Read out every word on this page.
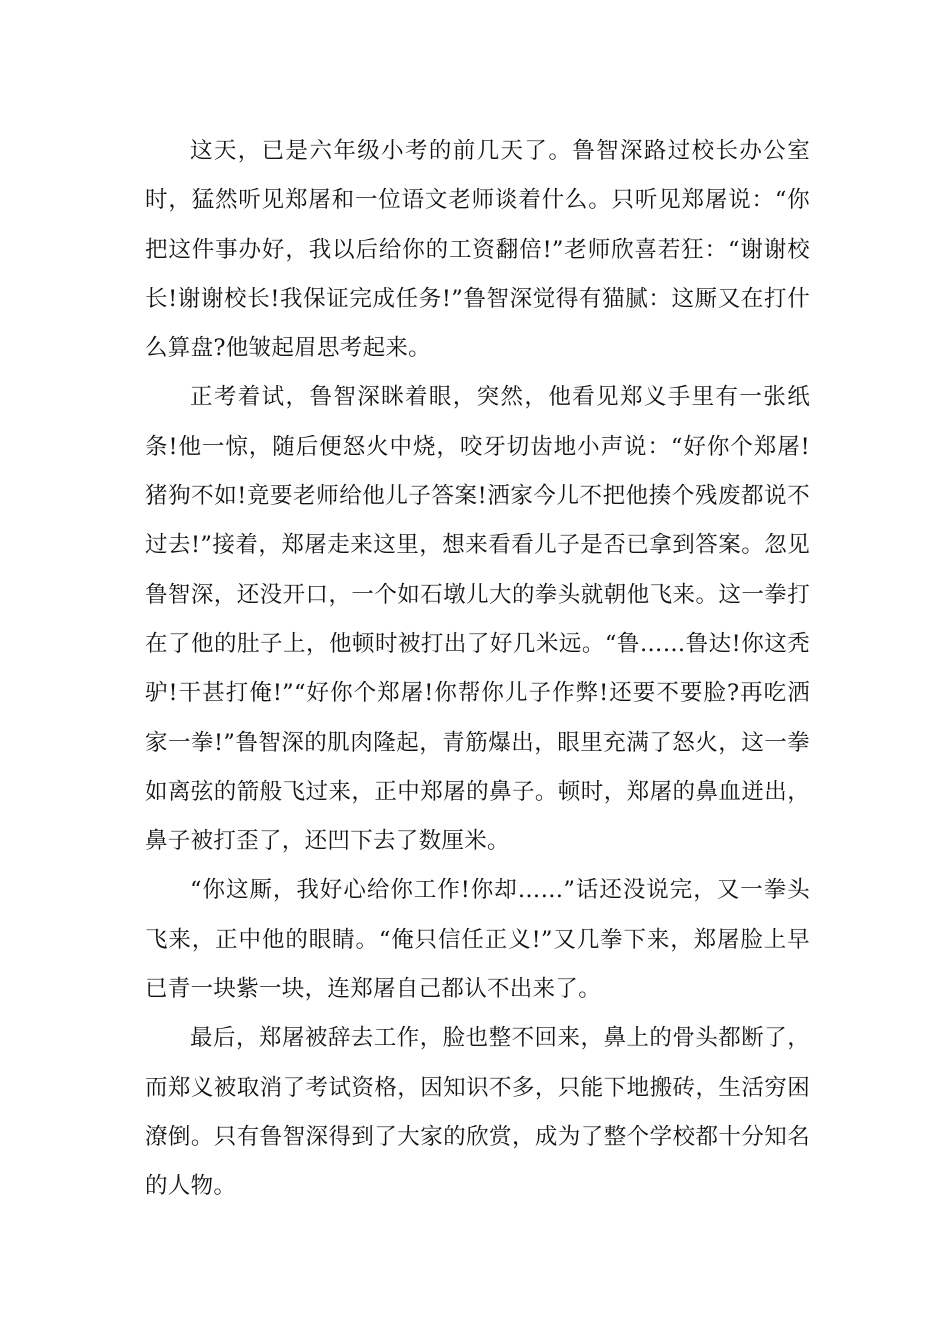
这天，已是六年级小考的前几天了。鲁智深路过校长办公室时，猛然听见郑屠和一位语文老师谈着什么。只听见郑屠说：“你把这件事办好，我以后给你的工资翻倍!”老师欣喜若狂：“谢谢校长!谢谢校长!我保证完成任务!”鲁智深觉得有猫腻：这厮又在打什么算盘?他皱起眉思考起来。

正考着试，鲁智深眯着眼，突然，他看见郑义手里有一张纸条!他一惊，随后便怒火中烧，咬牙切齿地小声说：“好你个郑屠!猪狗不如!竟要老师给他儿子答案!洒家今儿不把他揍个残废都说不过去!”接着，郑屠走来这里，想来看看儿子是否已拿到答案。忽见鲁智深，还没开口，一个如石墩儿大的拳头就朝他飞来。这一拳打在了他的肚子上，他顿时被打出了好几米远。“鲁……鲁达!你这秃驴!干甚打俺!”“好你个郑屠!你帮你儿子作弊!还要不要脸?再吃洒家一拳!”鲁智深的肌肉隆起，青筋爆出，眼里充满了怒火，这一拳如离弦的箭般飞过来，正中郑屠的鼻子。顿时，郑屠的鼻血迸出，鼻子被打歪了，还凹下去了数厘米。

“你这厮，我好心给你工作!你却……”话还没说完，又一拳头飞来，正中他的眼睛。“俺只信任正义!”又几拳下来，郑屠脸上早已青一块紫一块，连郑屠自己都认不出来了。

最后，郑屠被辞去工作，脸也整不回来，鼻上的骨头都断了，而郑义被取消了考试资格，因知识不多，只能下地搬砖，生活穷困潦倒。只有鲁智深得到了大家的欣赏，成为了整个学校都十分知名的人物。
